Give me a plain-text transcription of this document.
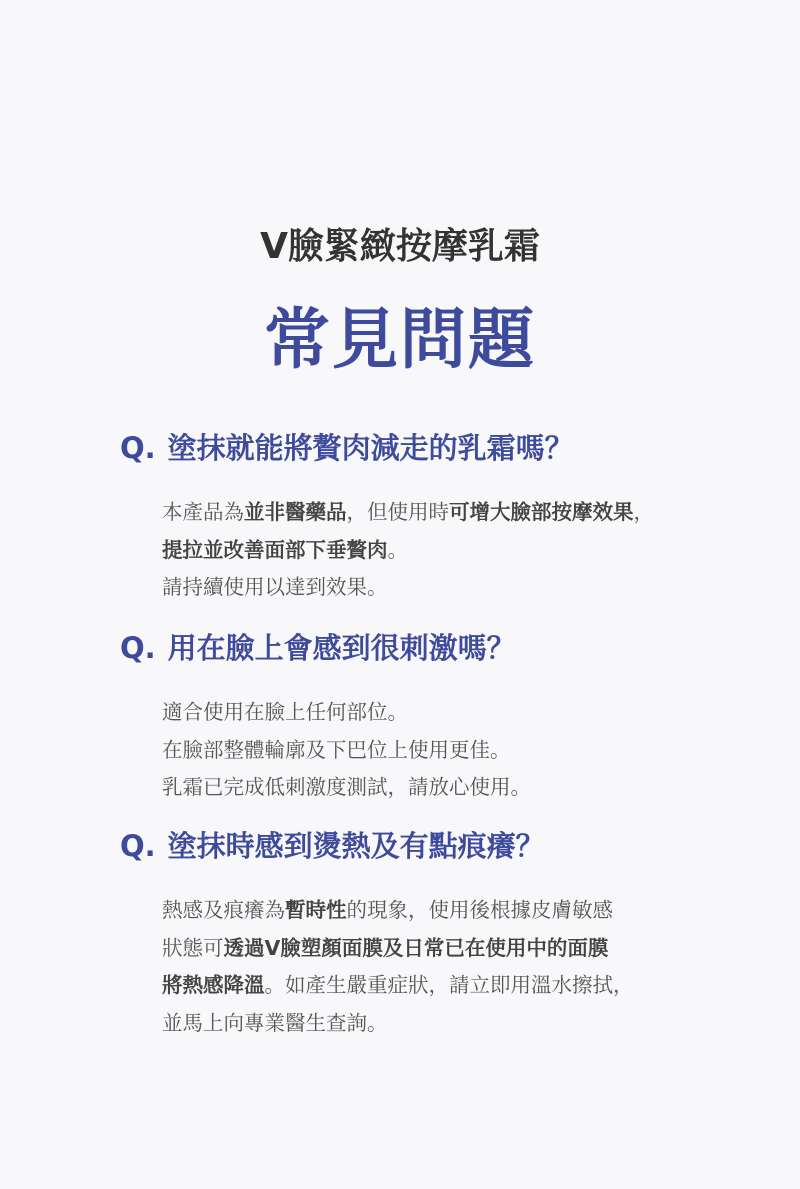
V臉緊緻按摩乳霜
常見問題
Q. 塗抹就能將贅肉減走的乳霜嗎？
本產品為並非醫藥品，但使用時可增大臉部按摩效果，
提拉並改善面部下垂贅肉。
請持續使用以達到效果。
Q. 用在臉上會感到很刺激嗎？
適合使用在臉上任何部位。
在臉部整體輪廓及下巴位上使用更佳。
乳霜已完成低刺激度測試，請放心使用。
Q. 塗抹時感到燙熱及有點痕癢？
熱感及痕癢為暫時性的現象，使用後根據皮膚敏感
狀態可透過V臉塑顏面膜及日常已在使用中的面膜
將熱感降溫。如產生嚴重症狀，請立即用溫水擦拭，
並馬上向專業醫生查詢。
